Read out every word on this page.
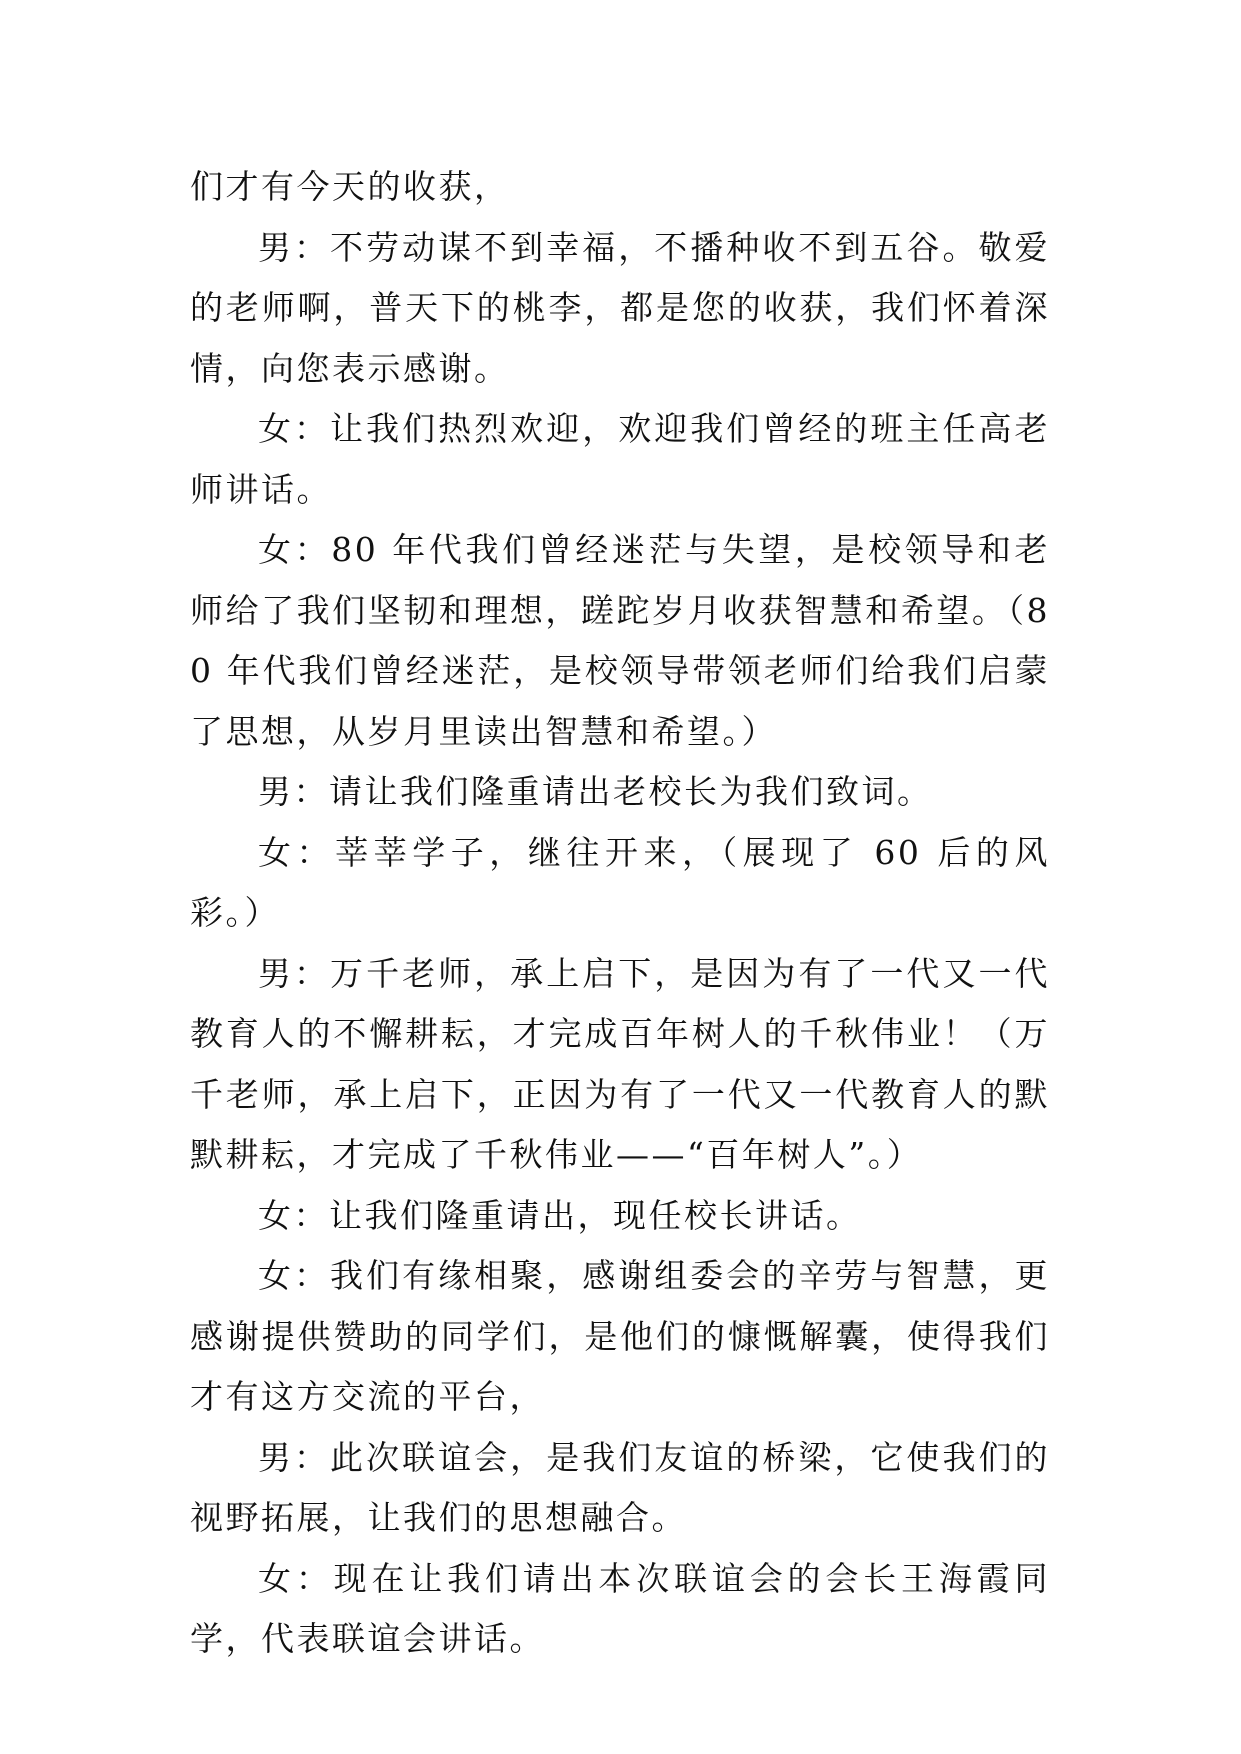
们才有今天的收获，

男：不劳动谋不到幸福，不播种收不到五谷。敬爱的老师啊，普天下的桃李，都是您的收获，我们怀着深情，向您表示感谢。

女：让我们热烈欢迎，欢迎我们曾经的班主任高老师讲话。

女：80 年代我们曾经迷茫与失望，是校领导和老师给了我们坚韧和理想，蹉跎岁月收获智慧和希望。（80 年代我们曾经迷茫，是校领导带领老师们给我们启蒙了思想，从岁月里读出智慧和希望。）

男：请让我们隆重请出老校长为我们致词。

女：莘莘学子，继往开来，（展现了 60 后的风彩。）

男：万千老师，承上启下，是因为有了一代又一代教育人的不懈耕耘，才完成百年树人的千秋伟业！（万千老师，承上启下，正因为有了一代又一代教育人的默默耕耘，才完成了千秋伟业——“百年树人”。）

女：让我们隆重请出，现任校长讲话。

女：我们有缘相聚，感谢组委会的辛劳与智慧，更感谢提供赞助的同学们，是他们的慷慨解囊，使得我们才有这方交流的平台，

男：此次联谊会，是我们友谊的桥梁，它使我们的视野拓展，让我们的思想融合。

女：现在让我们请出本次联谊会的会长王海霞同学，代表联谊会讲话。
